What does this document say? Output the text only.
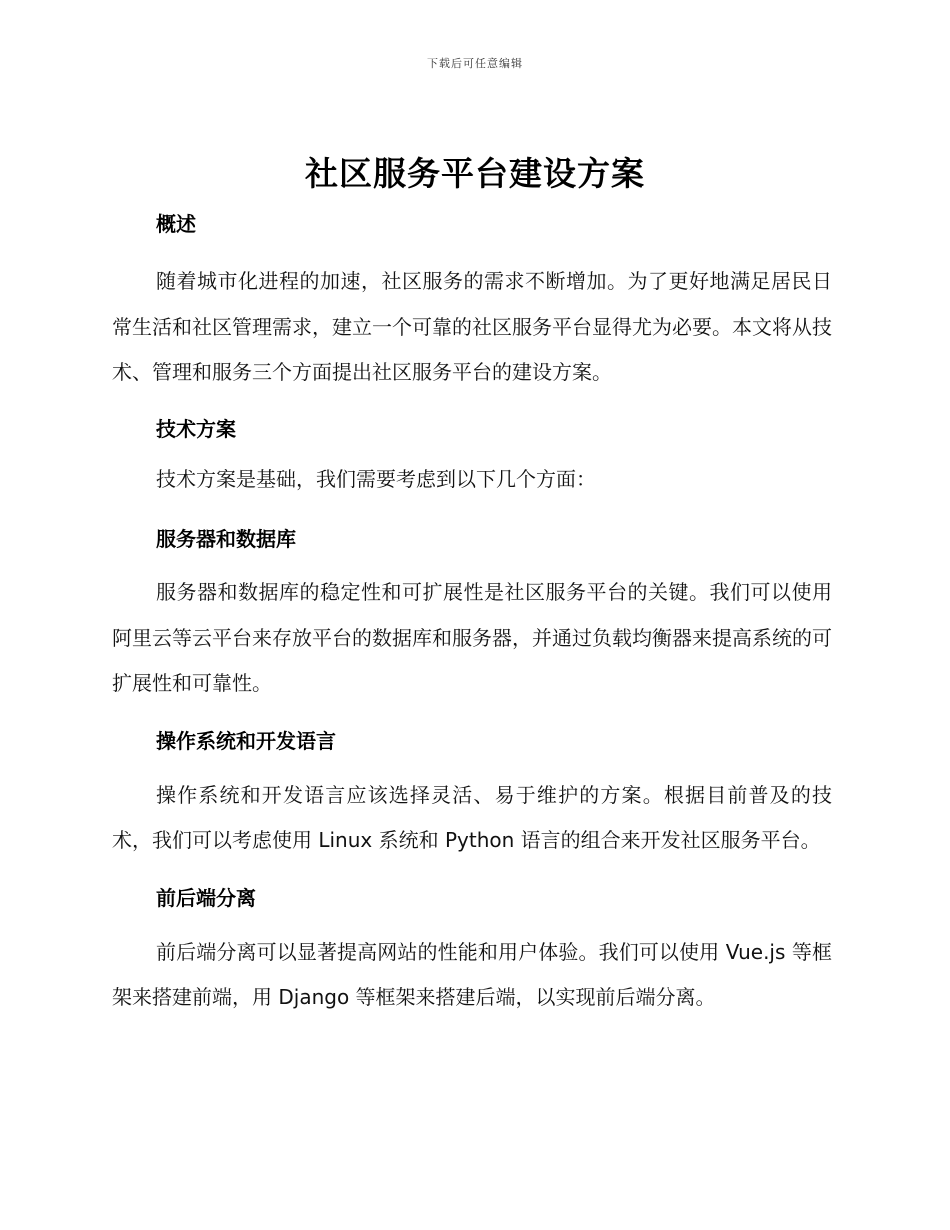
下载后可任意编辑
社区服务平台建设方案
概述
随着城市化进程的加速，社区服务的需求不断增加。为了更好地满足居民日常生活和社区管理需求，建立一个可靠的社区服务平台显得尤为必要。本文将从技术、管理和服务三个方面提出社区服务平台的建设方案。
技术方案
技术方案是基础，我们需要考虑到以下几个方面：
服务器和数据库
服务器和数据库的稳定性和可扩展性是社区服务平台的关键。我们可以使用阿里云等云平台来存放平台的数据库和服务器，并通过负载均衡器来提高系统的可扩展性和可靠性。
操作系统和开发语言
操作系统和开发语言应该选择灵活、易于维护的方案。根据目前普及的技术，我们可以考虑使用 Linux 系统和 Python 语言的组合来开发社区服务平台。
前后端分离
前后端分离可以显著提高网站的性能和用户体验。我们可以使用 Vue.js 等框架来搭建前端，用 Django 等框架来搭建后端，以实现前后端分离。
